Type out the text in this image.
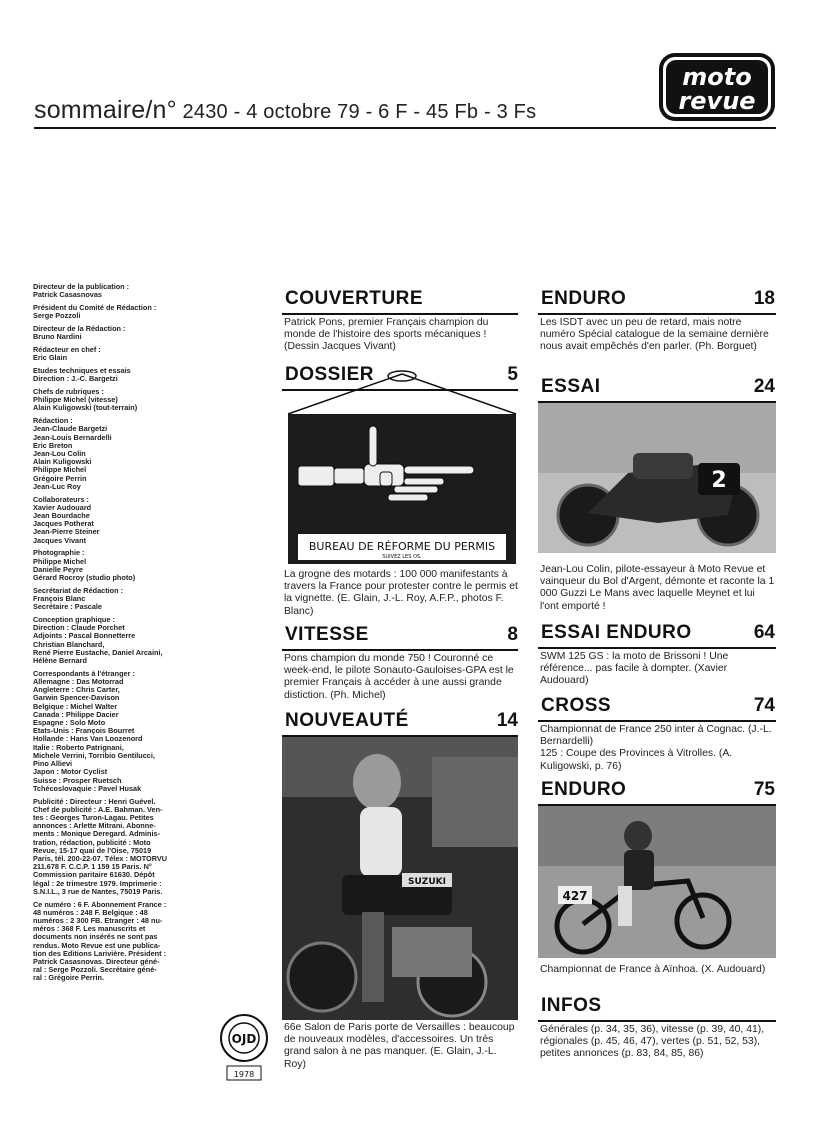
sommaire/n° 2430 - 4 octobre 79 - 6 F - 45 Fb - 3 Fs
moto
revue

Directeur de la publication :
Patrick Casasnovas

Président du Comité de Rédaction :
Serge Pozzoli

Directeur de la Rédaction :
Bruno Nardini

Rédacteur en chef :
Eric Glain

Etudes techniques et essais
Direction : J.-C. Bargetzi

Chefs de rubriques :
Philippe Michel (vitesse)
Alain Kuligowski (tout-terrain)

Rédaction :
Jean-Claude Bargetzi
Jean-Louis Bernardelli
Eric Breton
Jean-Lou Colin
Alain Kuligowski
Philippe Michel
Grégoire Perrin
Jean-Luc Roy

Collaborateurs :
Xavier Audouard
Jean Bourdache
Jacques Potherat
Jean-Pierre Steiner
Jacques Vivant

Photographie :
Philippe Michel
Danielle Peyre
Gérard Rocroy (studio photo)

Secrétariat de Rédaction :
François Blanc
Secrétaire : Pascale

Conception graphique :
Direction : Claude Porchet
Adjoints : Pascal Bonnetterre
Christian Blanchard,
René Pierre Eustache, Daniel Arcaini,
Hélène Bernard

Correspondants à l'étranger :
Allemagne : Das Motorrad
Angleterre : Chris Carter,
Garwin Spencer-Davison
Belgique : Michel Walter
Canada : Philippe Dacier
Espagne : Solo Moto
Etats-Unis : François Bourret
Hollande : Hans Van Loozenord
Italie : Roberto Patrignani,
Michele Verrini, Torribio Gentilucci,
Pino Allievi
Japon : Motor Cyclist
Suisse : Prosper Ruetsch
Tchécoslovaquie : Pavel Husak

Publicité : Directeur : Henri Guével.
Chef de publicité : A.E. Bahman. Ven-
tes : Georges Turon-Lagau. Petites
annonces : Arlette Mitrani. Abonne-
ments : Monique Deregard. Adminis-
tration, rédaction, publicité : Moto
Revue, 15-17 quai de l'Oise, 75019
Paris, tél. 200-22-07. Télex : MOTORVU
211.678 F. C.C.P. 1 159 15 Paris. N°
Commission paritaire 61630. Dépôt
légal : 2e trimestre 1979. Imprimerie :
S.N.I.L., 3 rue de Nantes, 75019 Paris.

Ce numéro : 6 F. Abonnement France :
48 numéros : 248 F. Belgique : 48
numéros : 2 300 FB. Etranger : 48 nu-
méros : 368 F. Les manuscrits et
documents non insérés ne sont pas
rendus. Moto Revue est une publica-
tion des Editions Larivière. Président :
Patrick Casasnovas. Directeur géné-
ral : Serge Pozzoli. Secrétaire géné-
ral : Grégoire Perrin.

OJD
1978
COUVERTURE
Patrick Pons, premier Français champion du monde de l'histoire des sports mécaniques ! (Dessin Jacques Vivant)
DOSSIER	5
BUREAU DE RÉFORME DU PERMIS
SUIVEZ LES OS.
La grogne des motards : 100 000 manifestants à travers la France pour protester contre le permis et la vignette. (E. Glain, J.-L. Roy, A.F.P., photos F. Blanc)
VITESSE	8
Pons champion du monde 750 ! Couronné ce week-end, le pilote Sonauto-Gauloises-GPA est le premier Français à accéder à une aussi grande distiction. (Ph. Michel)
NOUVEAUTÉ	14
SUZUKI
66e Salon de Paris porte de Versailles : beaucoup de nouveaux modèles, d'accessoires. Un très grand salon à ne pas manquer. (E. Glain, J.-L. Roy)
ENDURO	18
Les ISDT avec un peu de retard, mais notre numéro Spécial catalogue de la semaine dernière nous avait empêchés d'en parler. (Ph. Borguet)
ESSAI	24
2
Jean-Lou Colin, pilote-essayeur à Moto Revue et vainqueur du Bol d'Argent, démonte et raconte la 1 000 Guzzi Le Mans avec laquelle Meynet et lui l'ont emporté !
ESSAI ENDURO	64
SWM 125 GS : la moto de Brissoni ! Une référence... pas facile à dompter. (Xavier Audouard)
CROSS	74

Championnat de France 250 inter à Cognac. (J.-L. Bernardelli)

125 : Coupe des Provinces à Vitrolles. (A. Kuligowski, p. 76)

ENDURO	75
427
Championnat de France à Aïnhoa. (X. Audouard)
INFOS
Générales (p. 34, 35, 36), vitesse (p. 39, 40, 41), régionales (p. 45, 46, 47), vertes (p. 51, 52, 53), petites annonces (p. 83, 84, 85, 86)
